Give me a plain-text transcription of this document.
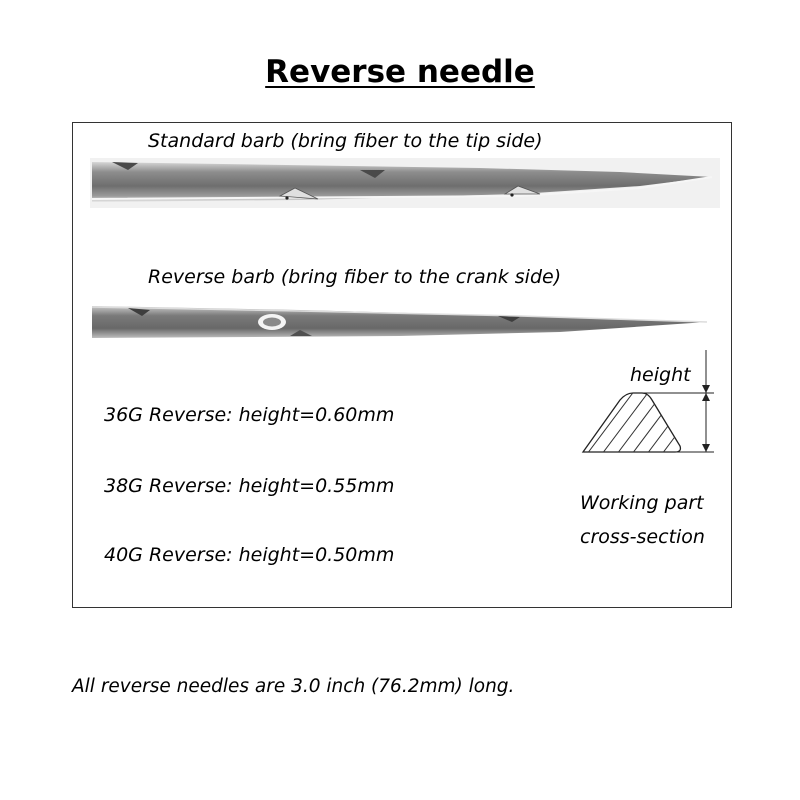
Reverse needle
Standard barb (bring fiber to the tip side)
Reverse barb (bring fiber to the crank side)
36G Reverse: height=0.60mm
38G Reverse: height=0.55mm
40G Reverse: height=0.50mm
height
Working part
cross-section
All reverse needles are 3.0 inch (76.2mm) long.
